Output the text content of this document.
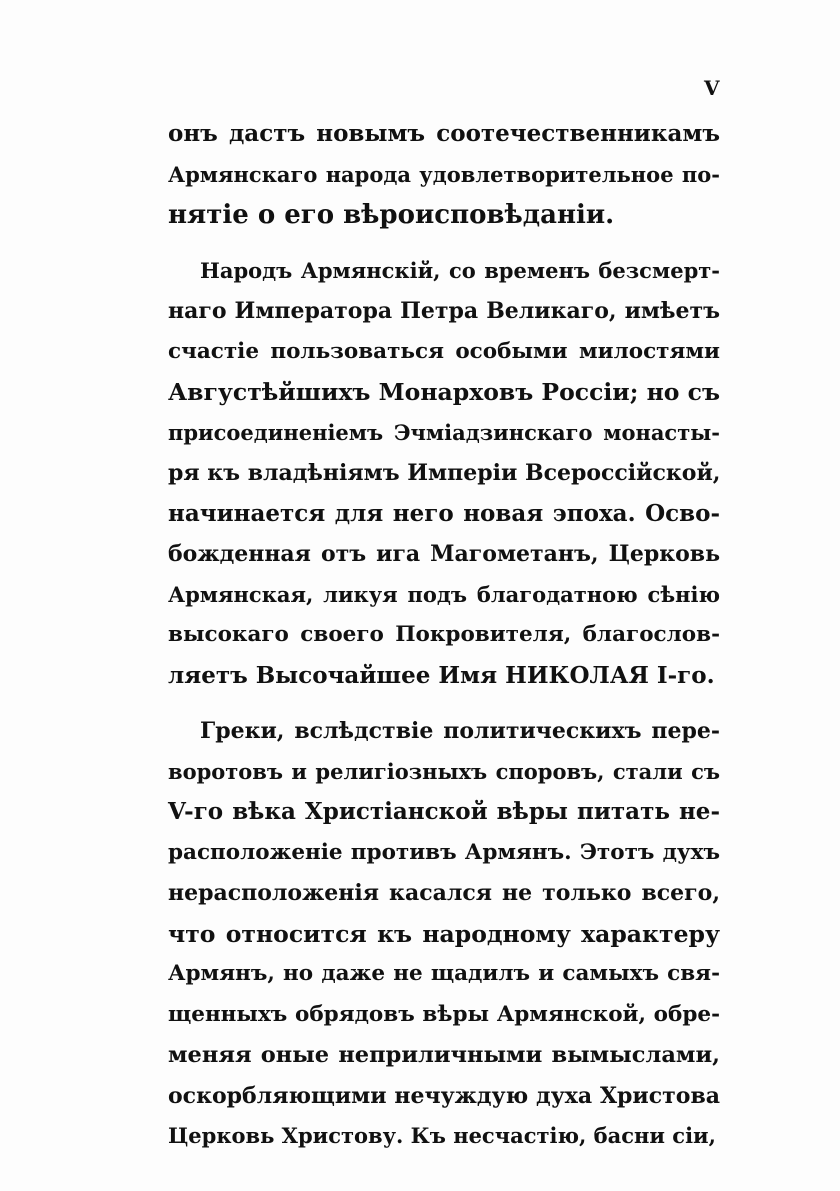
V

онъ дастъ новымъ соотечественникамъ
Армянскаго народа удовлетворительное по-
нятіе о его вѣроисповѣданіи.

Народъ Армянскій, со временъ безсмерт-
наго Императора Петра Великаго, имѣетъ
счастіе пользоваться особыми милостями
Августѣйшихъ Монарховъ Россіи; но съ
присоединеніемъ Эчміадзинскаго монасты-
ря къ владѣніямъ Имперіи Всероссійской,
начинается для него новая эпоха. Осво-
божденная отъ ига Магометанъ, Церковь
Армянская, ликуя подъ благодатною сѣнію
высокаго своего Покровителя, благослов-
ляетъ Высочайшее Имя НИКОЛАЯ I-го.

Греки, вслѣдствіе политическихъ пере-
воротовъ и религіозныхъ споровъ, стали съ
V-го вѣка Христіанской вѣры питать не-
расположеніе противъ Армянъ. Этотъ духъ
нерасположенія касался не только всего,
что относится къ народному характеру
Армянъ, но даже не щадилъ и самыхъ свя-
щенныхъ обрядовъ вѣры Армянской, обре-
меняя оные неприличными вымыслами,
оскорбляющими нечуждую духа Христова
Церковь Христову. Къ несчастію, басни сіи,
